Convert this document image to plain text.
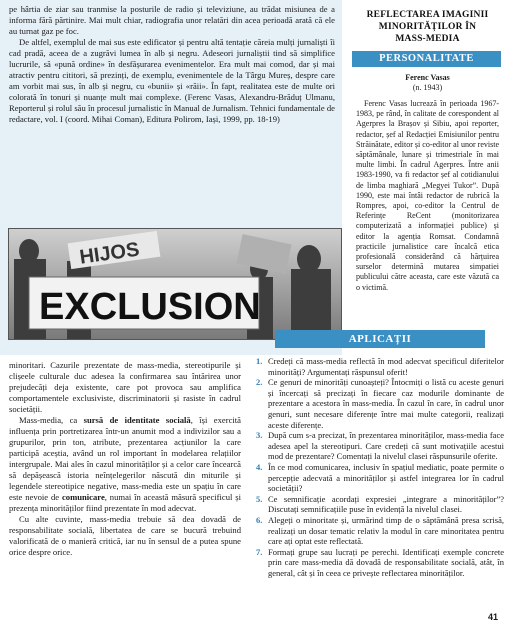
pe hârtia de ziar sau tranmise la posturile de radio și televiziune, au trădat misiunea de a informa fără părtinire. Mai mult chiar, radiografia unor relatări din acea perioadă arată că ele au turnat gaz pe foc.

De altfel, exemplul de mai sus este edificator și pentru altă tentație căreia mulți jurnaliști îi cad pradă, aceea de a zugrăvi lumea în alb și negru. Adeseori jurnaliștii tind să simplifice lucrurile, să «pună ordine» în desfășurarea evenimentelor. Era mult mai comod, dar și mai atractiv pentru cititori, să prezinți, de exemplu, evenimentele de la Târgu Mureș, despre care am vorbit mai sus, în alb și negru, cu «bunii» și «răii». În fapt, realitatea este de multe ori colorată în tonuri și nuanțe mult mai complexe. (Ferenc Vasas, Alexandru-Brăduț Ulmanu, Reporterul și rolul său în procesul jurnalistic în Manual de Jurnalism. Tehnici fundamentale de redactare, vol. I (coord. Mihai Coman), Editura Polirom, Iași, 1999, pp. 18-19)

HIJOS
EXCLUSION
REFLECTAREA IMAGINII
MINORITĂȚILOR ÎN
MASS-MEDIA
PERSONALITATE
Ferenc Vasas
(n. 1943)

Ferenc Vasas lucrează în perioada 1967-1983, pe rând, în calitate de corespondent al Agerpres la Brașov și Sibiu, apoi reporter, redactor, șef al Redacției Emisiunilor pentru Străinătate, editor și co-editor al unor reviste săptămânale, lunare și trimestriale în mai multe limbi. În cadrul Agerpres. Între anii 1983-1990, va fi redactor șef al cotidianului de limba maghiară „Megyei Tukor”. După 1990, este mai întâi redactor de rubrică la Rompres, apoi, co-editor la Centrul de Referințe ReCent (monitorizarea computerizată a informației publice) și editor la agenția Romsat. Condamnă practicile jurnalistice care încalcă etica profesională considerând că hărțuirea surselor determină mutarea simpatiei publicului către aceasta, care este văzută ca o victimă.

minoritari. Cazurile prezentate de mass-media, stereotipurile și clișeele culturale duc adesea la confirmarea sau întărirea unor prejudecăți deja existente, care pot provoca sau amplifica comportamentele exclusiviste, discriminatorii și rasiste în cadrul societății.

Mass-media, ca sursă de identitate socială, își exercită influența prin portretizarea într-un anumit mod a indivizilor sau a grupurilor, prin ton, atribute, prezentarea acțiunilor la care participă aceștia, având un rol important în modelarea relațiilor intergrupale. Mai ales în cazul minorităților și a celor care încearcă să depășească istoria neînțelegerilor născută din miturile și legendele stereotipice negative, mass-media este un spațiu în care este nevoie de comunicare, numai în această măsură specificul și prezența minorităților fiind prezentate în mod adecvat.

Cu alte cuvinte, mass-media trebuie să dea dovadă de responsabilitate socială, libertatea de care se bucură trebuind valorificată de o manieră critică, iar nu în sensul de a putea spune orice despre orice.

APLICAȚII
1. Credeți că mass-media reflectă în mod adecvat specificul diferitelor minorități? Argumentați răspunsul oferit!
2. Ce genuri de minorități cunoașteți? Întocmiți o listă cu aceste genuri și încercați să precizați în fiecare caz modurile dominante de prezentare a acestora în mass-media. În cazul în care, în cadrul unor genuri, sunt necesare diferențe între mai multe categorii, realizați aceste diferențe.
3. După cum s-a precizat, în prezentarea minorităților, mass-media face adesea apel la stereotipuri. Care credeți că sunt motivațiile acestui mod de prezentare? Comentați la nivelul clasei răspunsurile oferite.
4. În ce mod comunicarea, inclusiv în spațiul mediatic, poate permite o percepție adecvată a minorităților și astfel integrarea lor în cadrul societății?
5. Ce semnificație acordați expresiei „integrare a minorităților”? Discutați semnificațiile puse în evidență la nivelul clasei.
6. Alegeți o minoritate și, urmărind timp de o săptămână presa scrisă, realizați un dosar tematic relativ la modul în care minoritatea pentru care ați optat este reflectată.
7. Formați grupe sau lucrați pe perechi. Identificați exemple concrete prin care mass-media dă dovadă de responsabilitate socială, atât, în general, cât și în ceea ce privește reflectarea minorităților.
41
